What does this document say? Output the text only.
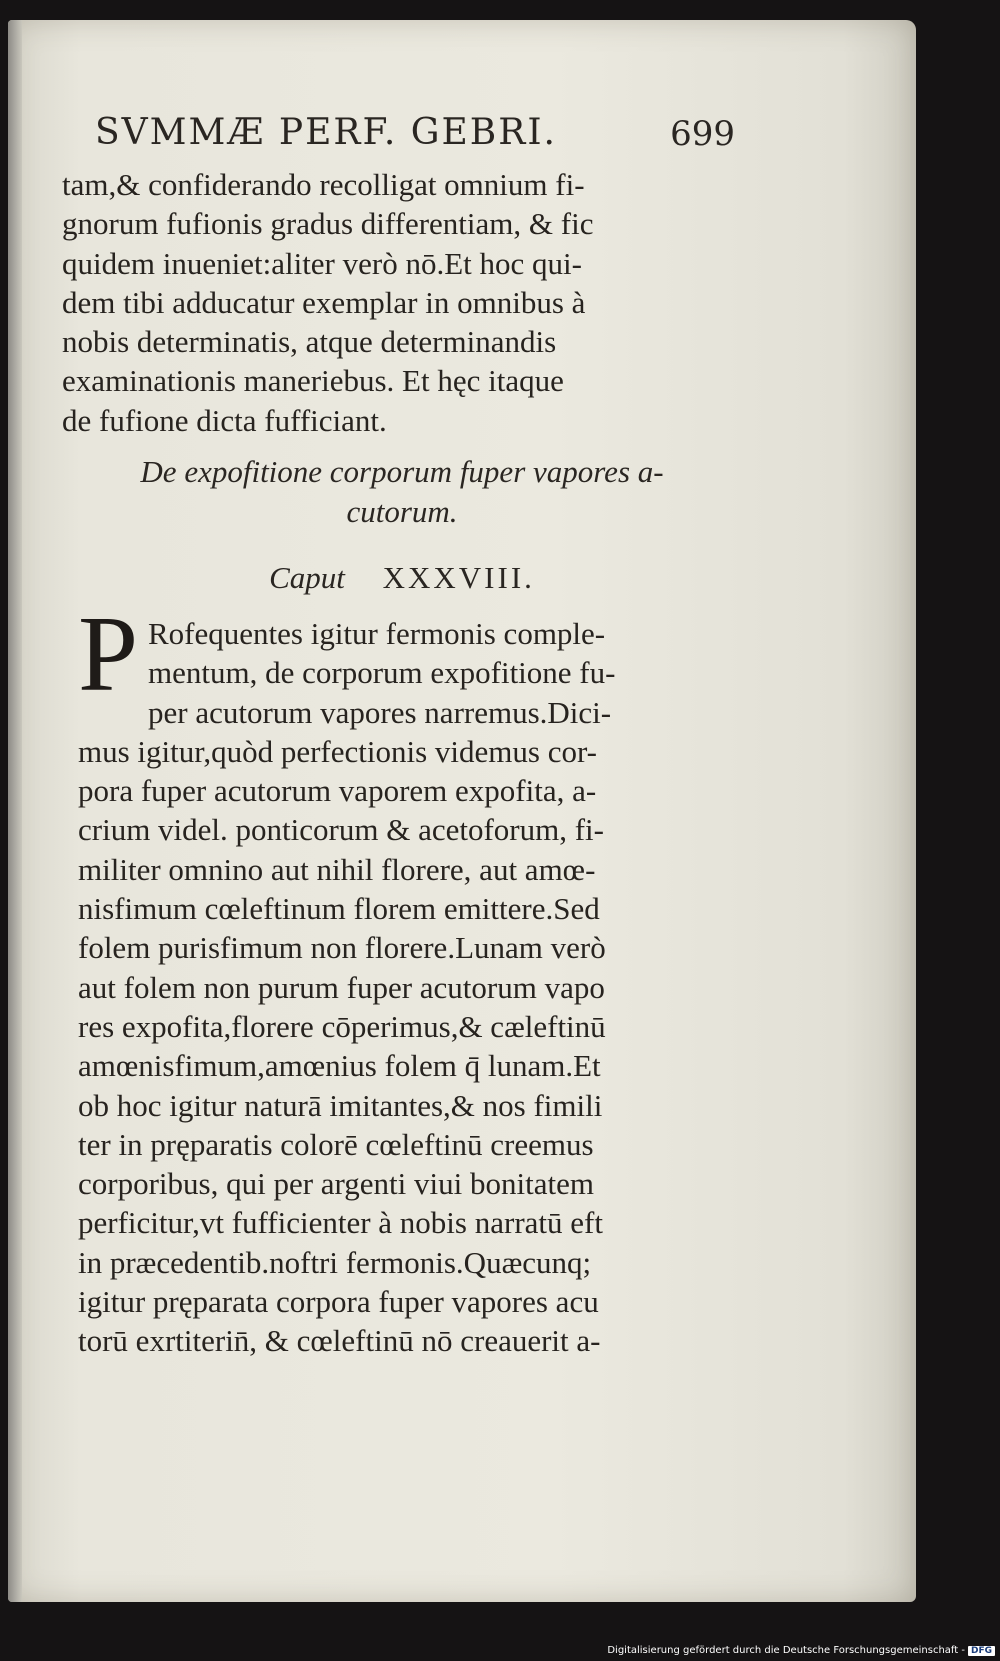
SVMMÆ PERF. GEBRI.	699
tam,& confiderando recolligat omnium fi-
gnorum fufionis gradus differentiam, & fic
quidem inueniet:aliter verò nō.Et hoc qui-
dem tibi adducatur exemplar in omnibus à
nobis determinatis, atque determinandis
examinationis maneriebus. Et hęc itaque
de fufione dicta fufficiant.
De expofitione corporum fuper vapores a-
cutorum.
Caput XXXVIII.
P Rofequentes igitur fermonis comple-
mentum, de corporum expofitione fu-
per acutorum vapores narremus.Dici-
mus igitur,quòd perfectionis videmus cor-
pora fuper acutorum vaporem expofita, a-
crium videl. ponticorum & acetoforum, fi-
militer omnino aut nihil florere, aut amœ-
nisfimum cœleftinum florem emittere.Sed
folem purisfimum non florere.Lunam verò
aut folem non purum fuper acutorum vapo
res expofita,florere cōperimus,& cæleftinū
amœnisfimum,amœnius folem q̄ lunam.Et
ob hoc igitur naturā imitantes,& nos fimili
ter in pręparatis colorē cœleftinū creemus
corporibus, qui per argenti viui bonitatem
perficitur,vt fufficienter à nobis narratū eft
in præcedentib.noftri fermonis.Quæcunq;
igitur pręparata corpora fuper vapores acu
torū exrtiterin̄, & cœleftinū nō creauerit a-
Digitalisierung gefördert durch die Deutsche Forschungsgemeinschaft - DFG
